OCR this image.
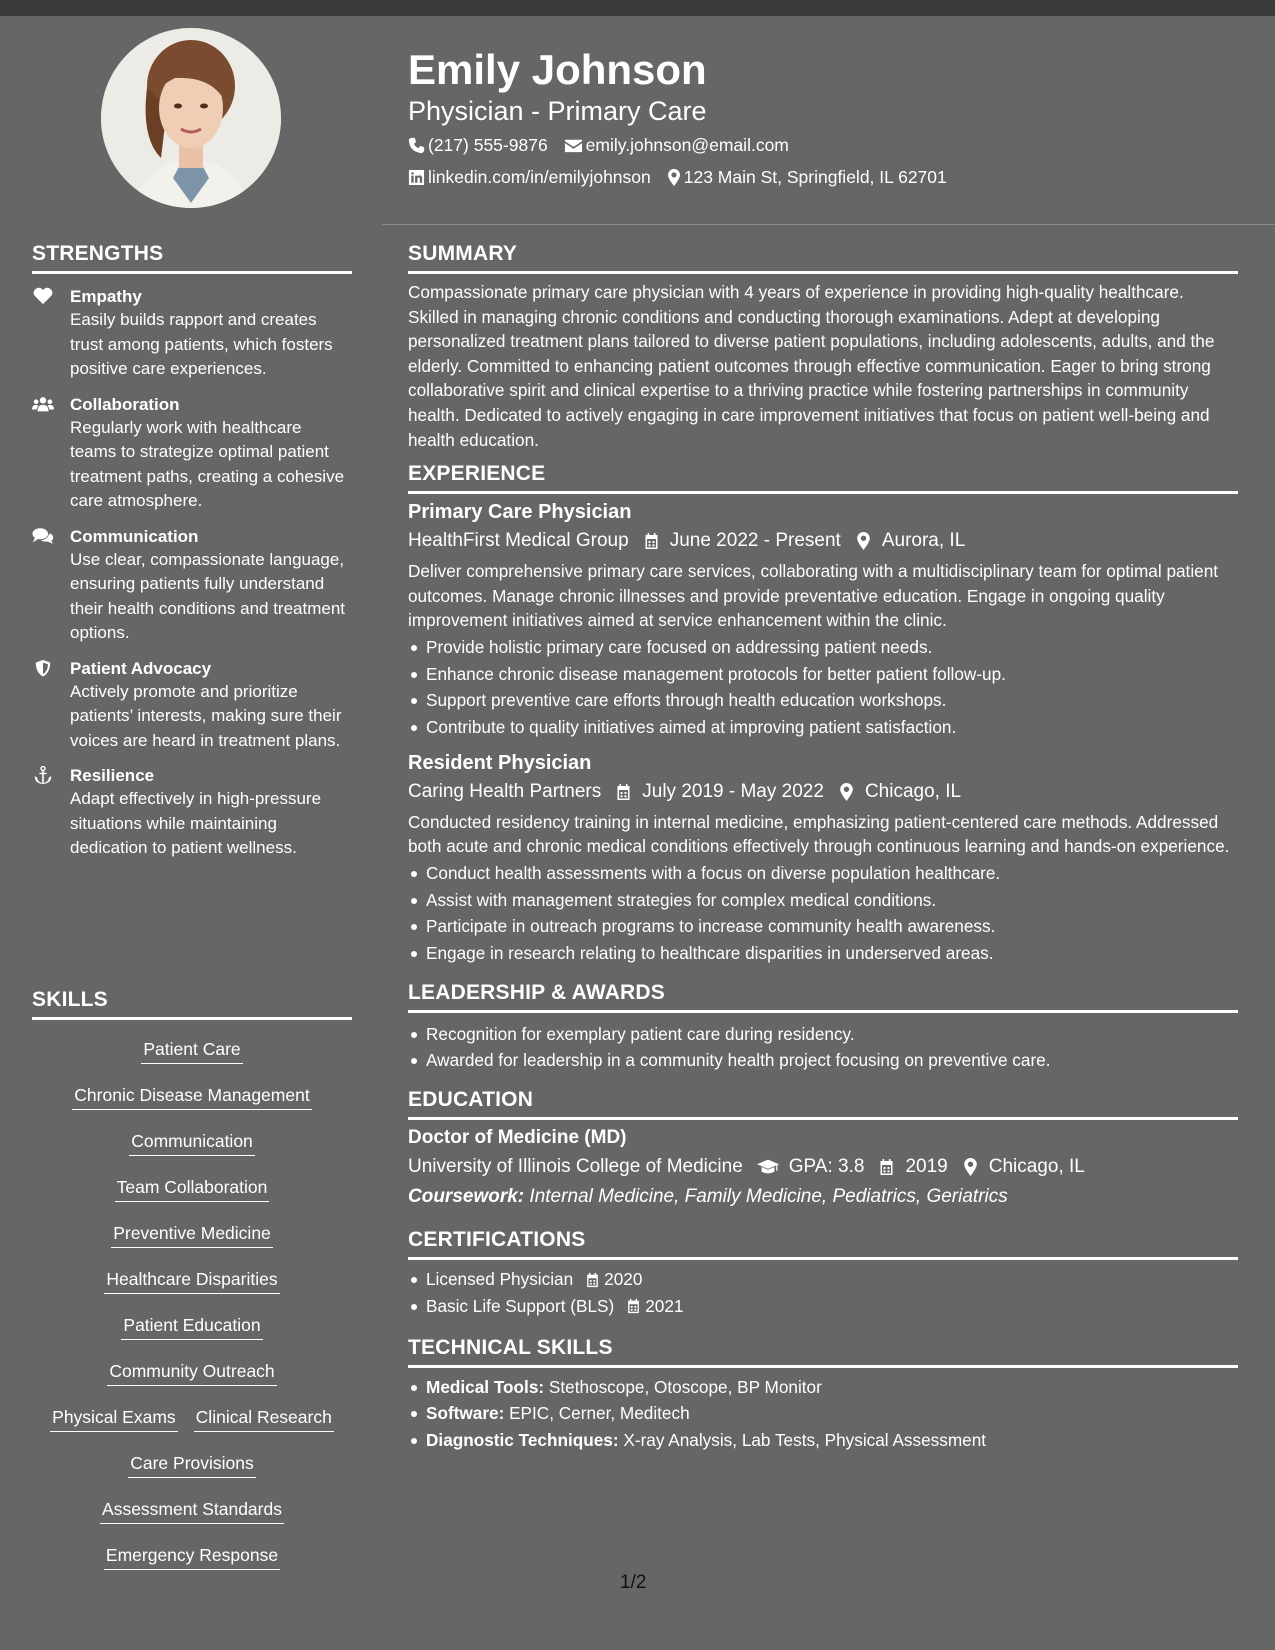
STRENGTHS
Empathy
Easily builds rapport and creates trust among patients, which fosters positive care experiences.
Collaboration
Regularly work with healthcare teams to strategize optimal patient treatment paths, creating a cohesive care atmosphere.
Communication
Use clear, compassionate language, ensuring patients fully understand their health conditions and treatment options.
Patient Advocacy
Actively promote and prioritize patients’ interests, making sure their voices are heard in treatment plans.
Resilience
Adapt effectively in high-pressure situations while maintaining dedication to patient wellness.
SKILLS
Patient Care
Chronic Disease Management
Communication
Team Collaboration
Preventive Medicine
Healthcare Disparities
Patient Education
Community Outreach
Physical Exams Clinical Research
Care Provisions
Assessment Standards
Emergency Response
Emily Johnson
Physician - Primary Care
(217) 555-9876 emily.johnson@email.com
linkedin.com/in/emilyjohnson 123 Main St, Springfield, IL 62701
SUMMARY
Compassionate primary care physician with 4 years of experience in providing high-quality healthcare. Skilled in managing chronic conditions and conducting thorough examinations. Adept at developing personalized treatment plans tailored to diverse patient populations, including adolescents, adults, and the elderly. Committed to enhancing patient outcomes through effective communication. Eager to bring strong collaborative spirit and clinical expertise to a thriving practice while fostering partnerships in community health. Dedicated to actively engaging in care improvement initiatives that focus on patient well-being and health education.
EXPERIENCE
Primary Care Physician
HealthFirst Medical Group June 2022 - Present Aurora, IL
Deliver comprehensive primary care services, collaborating with a multidisciplinary team for optimal patient outcomes. Manage chronic illnesses and provide preventative education. Engage in ongoing quality improvement initiatives aimed at service enhancement within the clinic.
Provide holistic primary care focused on addressing patient needs.
Enhance chronic disease management protocols for better patient follow-up.
Support preventive care efforts through health education workshops.
Contribute to quality initiatives aimed at improving patient satisfaction.
Resident Physician
Caring Health Partners July 2019 - May 2022 Chicago, IL
Conducted residency training in internal medicine, emphasizing patient-centered care methods. Addressed both acute and chronic medical conditions effectively through continuous learning and hands-on experience.
Conduct health assessments with a focus on diverse population healthcare.
Assist with management strategies for complex medical conditions.
Participate in outreach programs to increase community health awareness.
Engage in research relating to healthcare disparities in underserved areas.
LEADERSHIP & AWARDS
Recognition for exemplary patient care during residency.
Awarded for leadership in a community health project focusing on preventive care.
EDUCATION
Doctor of Medicine (MD)
University of Illinois College of Medicine GPA: 3.8 2019 Chicago, IL
Coursework: Internal Medicine, Family Medicine, Pediatrics, Geriatrics
CERTIFICATIONS
Licensed Physician 2020
Basic Life Support (BLS) 2021
TECHNICAL SKILLS
Medical Tools: Stethoscope, Otoscope, BP Monitor
Software: EPIC, Cerner, Meditech
Diagnostic Techniques: X-ray Analysis, Lab Tests, Physical Assessment
1/2
